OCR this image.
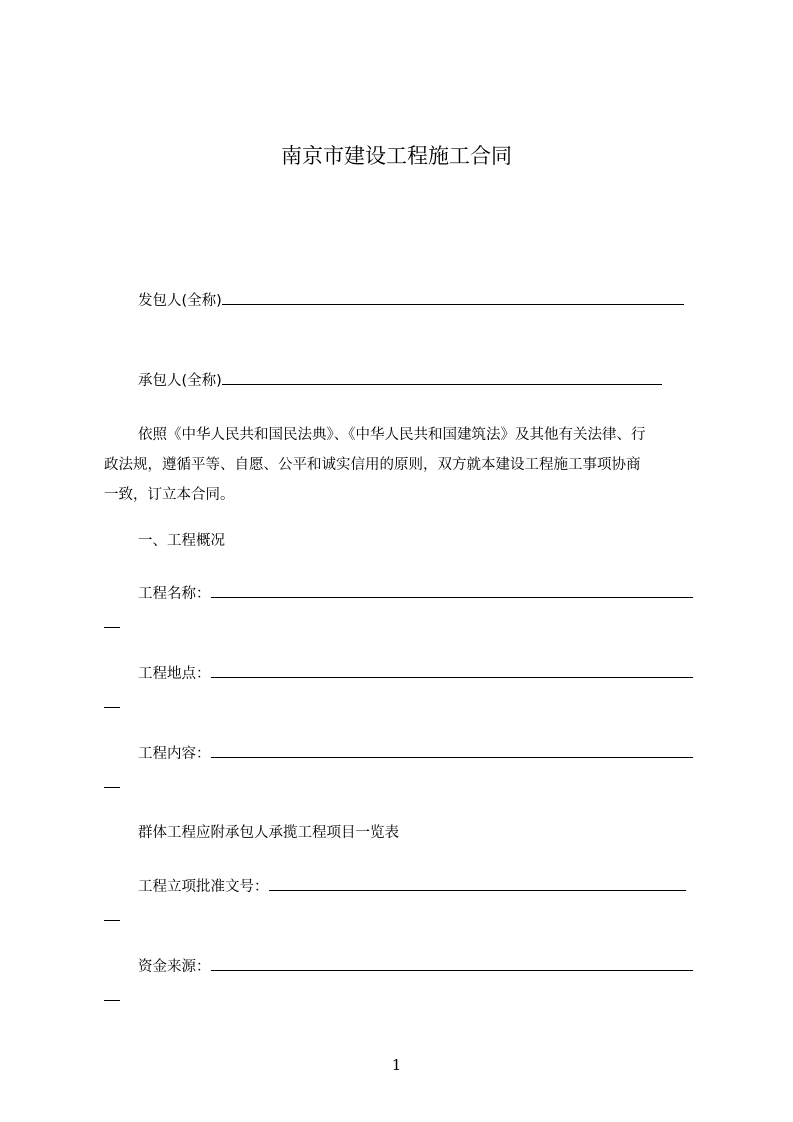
南京市建设工程施工合同
发包人(全称)
承包人(全称)

依照《中华人民共和国民法典》、《中华人民共和国建筑法》及其他有关法律、行

政法规，遵循平等、自愿、公平和诚实信用的原则，双方就本建设工程施工事项协商

一致，订立本合同。

一、工程概况
工程名称：
工程地点：
工程内容：
群体工程应附承包人承揽工程项目一览表
工程立项批准文号：
资金来源：
1
